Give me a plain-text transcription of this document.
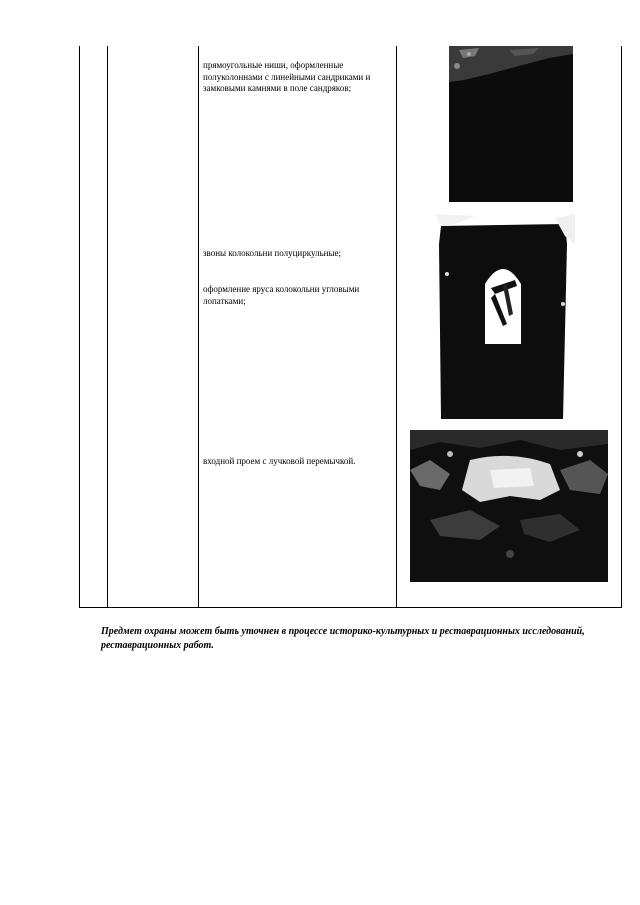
прямоугольные ниши, оформленные полуколоннами с линейными сандриками и замковыми камнями в поле сандряков;
звоны колокольни полуциркульные;
оформление яруса колокольни угловыми лопатками;
входной проем с лучковой перемычкой.
Предмет охраны может быть уточнен в процессе историко-культурных и реставрационных исследований, реставрационных работ.
